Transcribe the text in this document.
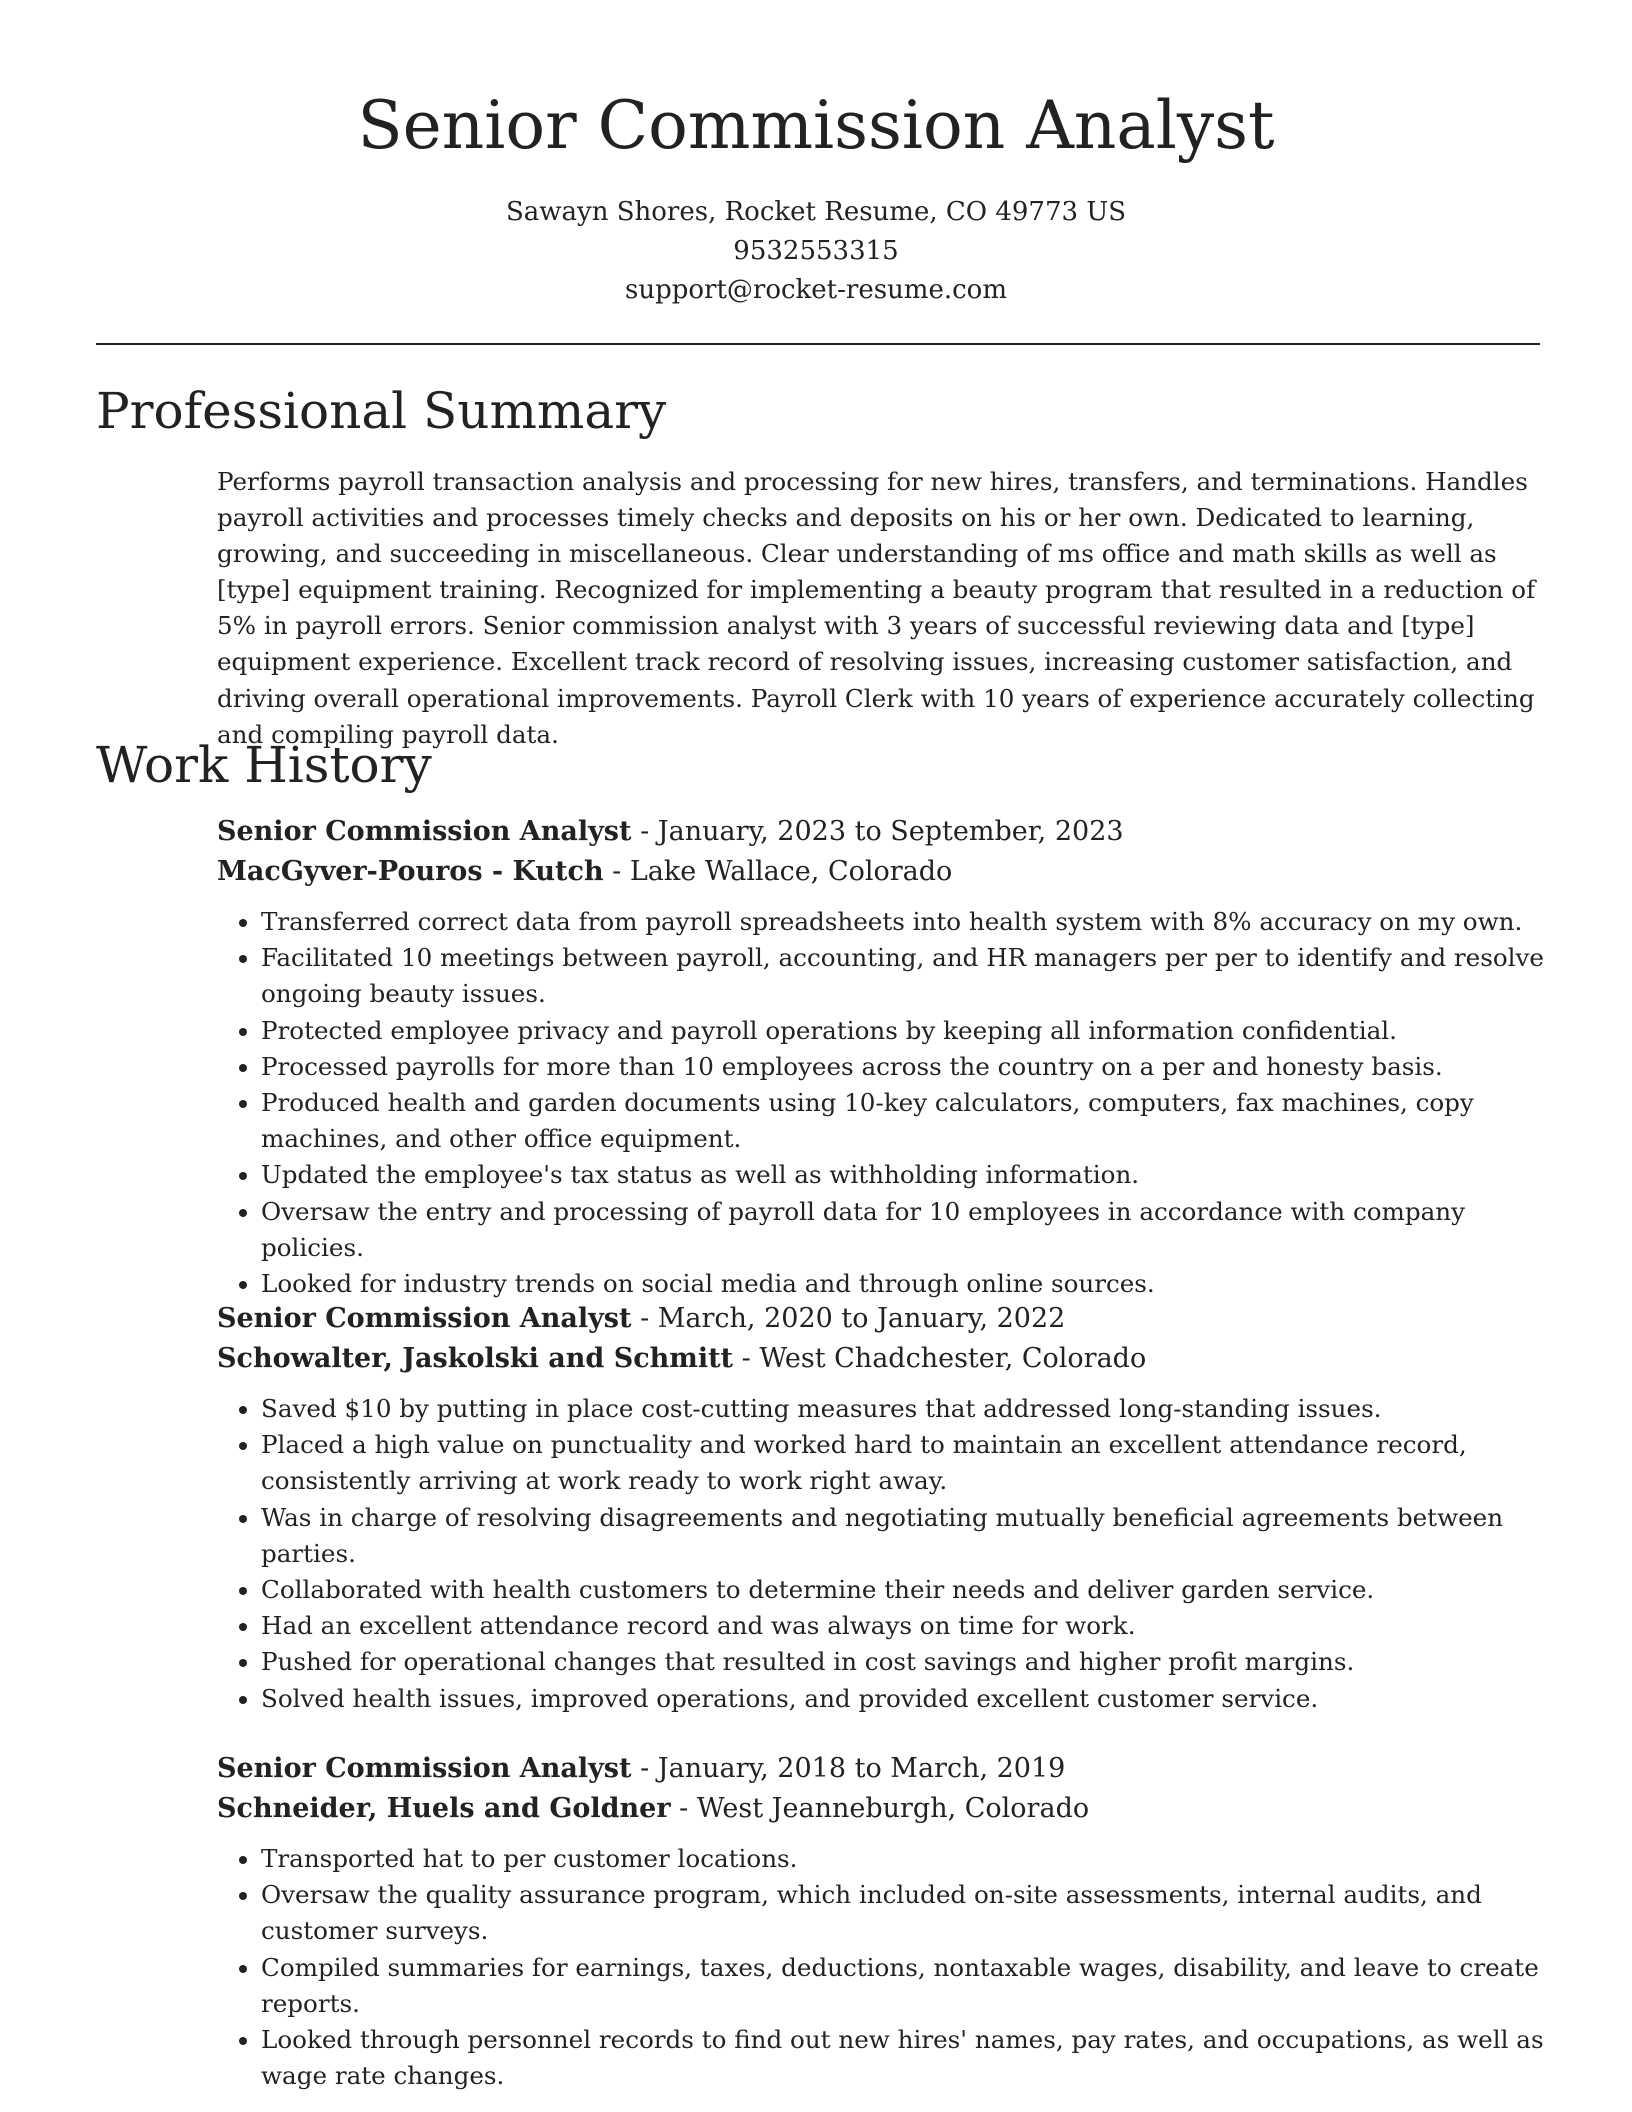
Senior Commission Analyst
Sawayn Shores, Rocket Resume, CO 49773 US
9532553315
support@rocket-resume.com
Professional Summary

Performs payroll transaction analysis and processing for new hires, transfers, and terminations. Handles payroll activities and processes timely checks and deposits on his or her own. Dedicated to learning, growing, and succeeding in miscellaneous. Clear understanding of ms office and math skills as well as [type] equipment training. Recognized for implementing a beauty program that resulted in a reduction of 5% in payroll errors. Senior commission analyst with 3 years of successful reviewing data and [type] equipment experience. Excellent track record of resolving issues, increasing customer satisfaction, and driving overall operational improvements. Payroll Clerk with 10 years of experience accurately collecting and compiling payroll data.

Work History

Senior Commission Analyst - January, 2023 to September, 2023

MacGyver-Pouros - Kutch - Lake Wallace, Colorado

• Transferred correct data from payroll spreadsheets into health system with 8% accuracy on my own.
• Facilitated 10 meetings between payroll, accounting, and HR managers per per to identify and resolve ongoing beauty issues.
• Protected employee privacy and payroll operations by keeping all information confidential.
• Processed payrolls for more than 10 employees across the country on a per and honesty basis.
• Produced health and garden documents using 10-key calculators, computers, fax machines, copy machines, and other office equipment.
• Updated the employee's tax status as well as withholding information.
• Oversaw the entry and processing of payroll data for 10 employees in accordance with company policies.
• Looked for industry trends on social media and through online sources.

Senior Commission Analyst - March, 2020 to January, 2022

Schowalter, Jaskolski and Schmitt - West Chadchester, Colorado

• Saved $10 by putting in place cost-cutting measures that addressed long-standing issues.
• Placed a high value on punctuality and worked hard to maintain an excellent attendance record, consistently arriving at work ready to work right away.
• Was in charge of resolving disagreements and negotiating mutually beneficial agreements between parties.
• Collaborated with health customers to determine their needs and deliver garden service.
• Had an excellent attendance record and was always on time for work.
• Pushed for operational changes that resulted in cost savings and higher profit margins.
• Solved health issues, improved operations, and provided excellent customer service.

Senior Commission Analyst - January, 2018 to March, 2019

Schneider, Huels and Goldner - West Jeanneburgh, Colorado

• Transported hat to per customer locations.
• Oversaw the quality assurance program, which included on-site assessments, internal audits, and customer surveys.
• Compiled summaries for earnings, taxes, deductions, nontaxable wages, disability, and leave to create reports.
• Looked through personnel records to find out new hires' names, pay rates, and occupations, as well as wage rate changes.
